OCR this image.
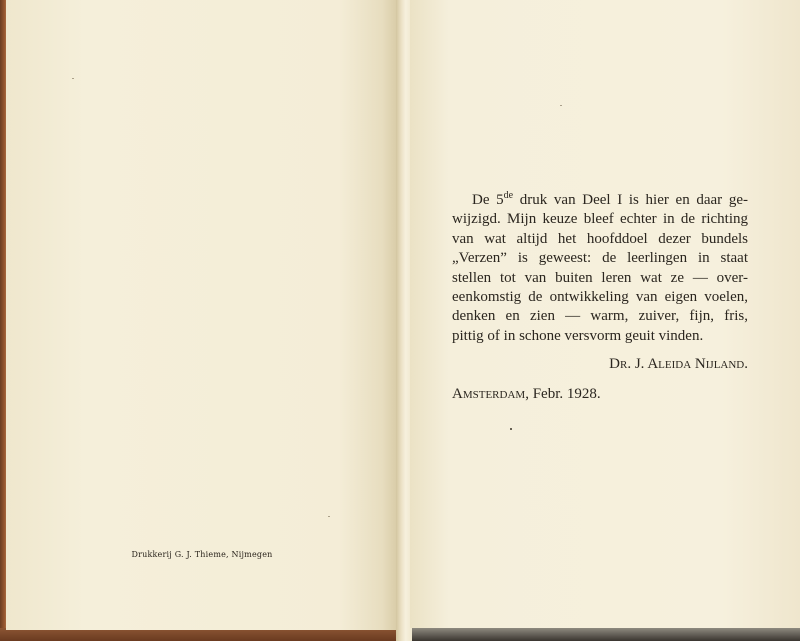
Drukkerij G. J. Thieme, Nijmegen
De 5de druk van Deel I is hier en daar ge-
wijzigd. Mijn keuze bleef echter in de richting
van wat altijd het hoofddoel dezer bundels
„Verzen” is geweest: de leerlingen in staat
stellen tot van buiten leren wat ze — over-
eenkomstig de ontwikkeling van eigen voelen,
denken en zien — warm, zuiver, fijn, fris,
pittig of in schone versvorm geuit vinden.
Dr. J. Aleida Nijland.
Amsterdam, Febr. 1928.
